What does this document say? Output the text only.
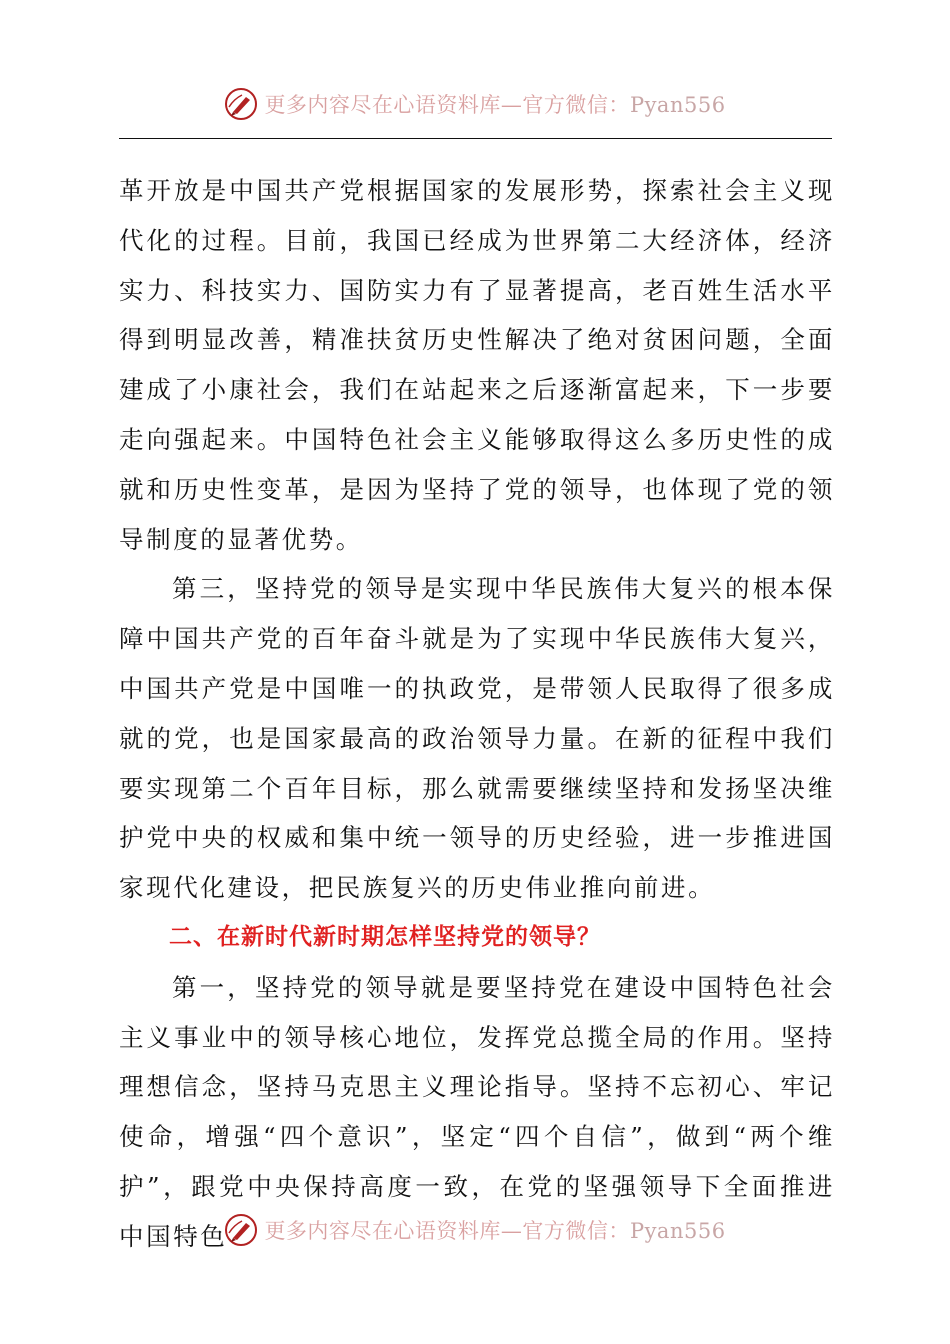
更多内容尽在心语资料库—官方微信：Pyan556

革开放是中国共产党根据国家的发展形势，探索社会主义现代化的过程。目前，我国已经成为世界第二大经济体，经济实力、科技实力、国防实力有了显著提高，老百姓生活水平得到明显改善，精准扶贫历史性解决了绝对贫困问题，全面建成了小康社会，我们在站起来之后逐渐富起来，下一步要走向强起来。中国特色社会主义能够取得这么多历史性的成就和历史性变革，是因为坚持了党的领导，也体现了党的领导制度的显著优势。

第三，坚持党的领导是实现中华民族伟大复兴的根本保障中国共产党的百年奋斗就是为了实现中华民族伟大复兴，中国共产党是中国唯一的执政党，是带领人民取得了很多成就的党，也是国家最高的政治领导力量。在新的征程中我们要实现第二个百年目标，那么就需要继续坚持和发扬坚决维护党中央的权威和集中统一领导的历史经验，进一步推进国家现代化建设，把民族复兴的历史伟业推向前进。

二、在新时代新时期怎样坚持党的领导？

第一，坚持党的领导就是要坚持党在建设中国特色社会主义事业中的领导核心地位，发挥党总揽全局的作用。坚持理想信念，坚持马克思主义理论指导。坚持不忘初心、牢记使命，增强“四个意识”，坚定“四个自信”，做到“两个维护”，跟党中央保持高度一致，在党的坚强领导下全面推进中国特色	更多内容尽在心语资料库—官方微信：Pyan556
